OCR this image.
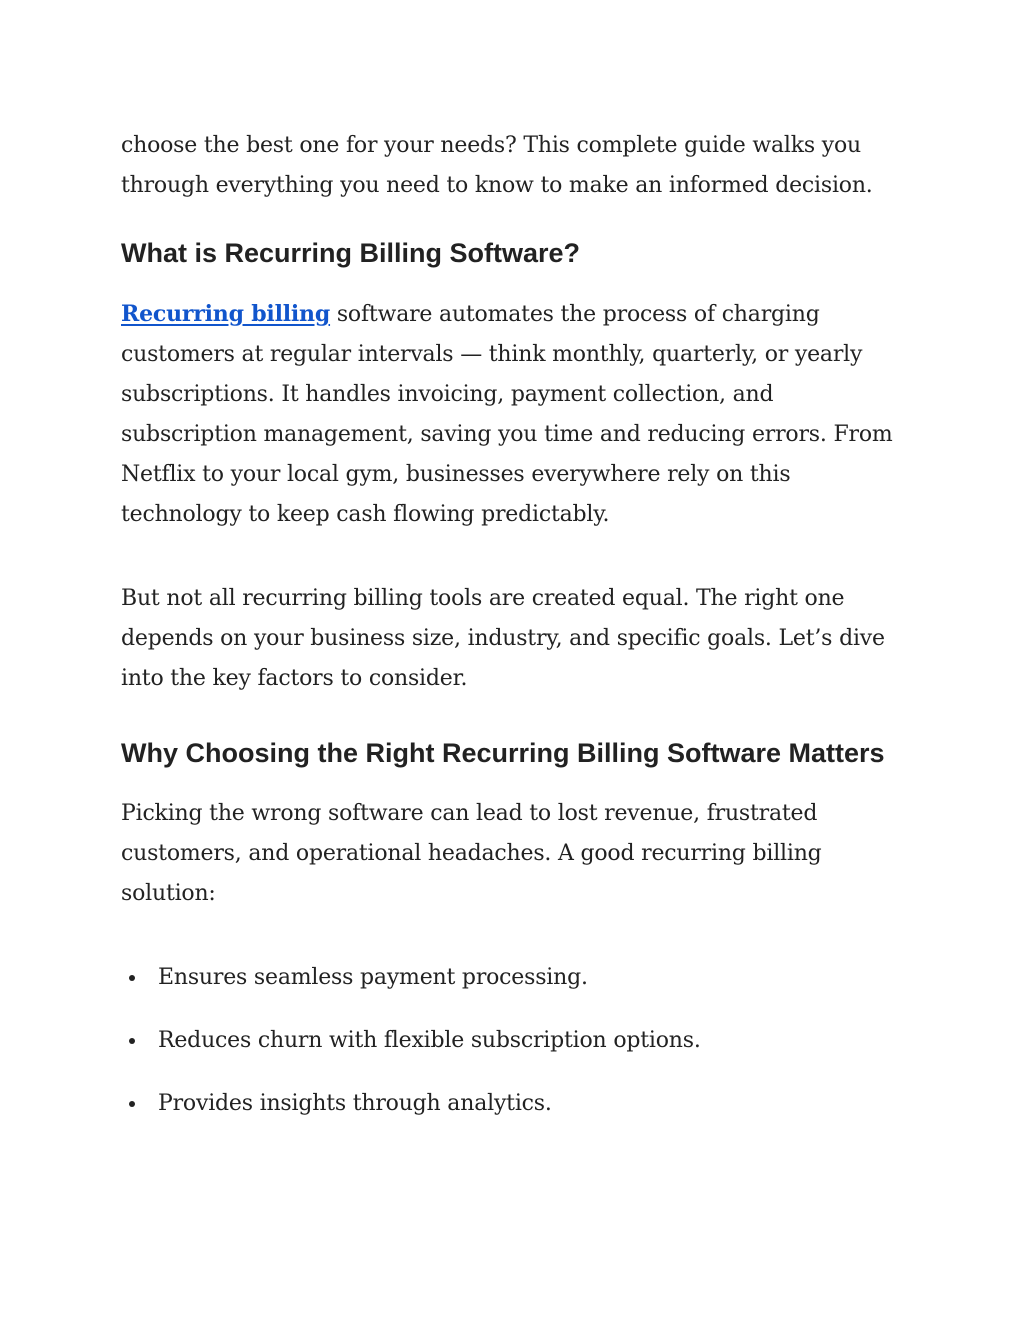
choose the best one for your needs? This complete guide walks you through everything you need to know to make an informed decision.

What is Recurring Billing Software?

Recurring billing software automates the process of charging customers at regular intervals — think monthly, quarterly, or yearly subscriptions. It handles invoicing, payment collection, and subscription management, saving you time and reducing errors. From Netflix to your local gym, businesses everywhere rely on this technology to keep cash flowing predictably.

But not all recurring billing tools are created equal. The right one depends on your business size, industry, and specific goals. Let’s dive into the key factors to consider.

Why Choosing the Right Recurring Billing Software Matters

Picking the wrong software can lead to lost revenue, frustrated customers, and operational headaches. A good recurring billing solution:

Ensures seamless payment processing.
Reduces churn with flexible subscription options.
Provides insights through analytics.
